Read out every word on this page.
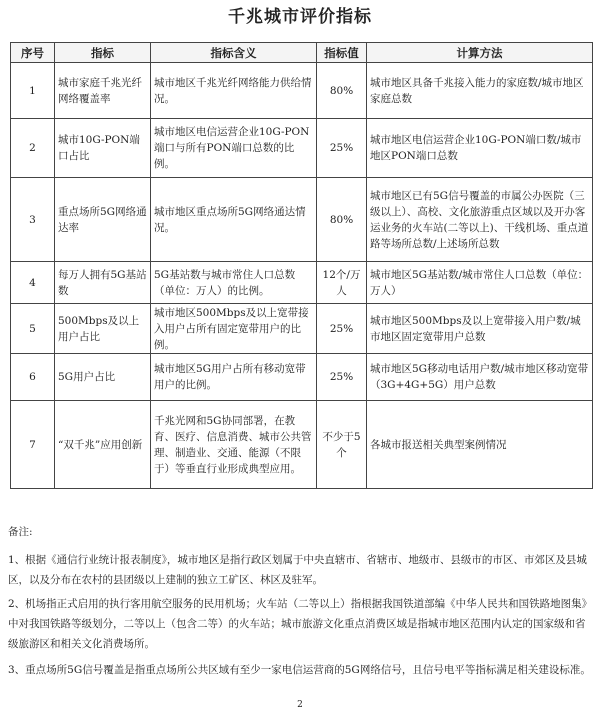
千兆城市评价指标
序号	指标	指标含义	指标值	计算方法
1	城市家庭千兆光纤网络覆盖率	城市地区千兆光纤网络能力供给情况。	80%	城市地区具备千兆接入能力的家庭数/城市地区家庭总数
2	城市10G-PON端口占比	城市地区电信运营企业10G-PON端口与所有PON端口总数的比例。	25%	城市地区电信运营企业10G-PON端口数/城市地区PON端口总数
3	重点场所5G网络通达率	城市地区重点场所5G网络通达情况。	80%	城市地区已有5G信号覆盖的市属公办医院（三级以上）、高校、文化旅游重点区域以及开办客运业务的火车站(二等以上)、干线机场、重点道路等场所总数/上述场所总数
4	每万人拥有5G基站数	5G基站数与城市常住人口总数（单位：万人）的比例。	12个/万人	城市地区5G基站数/城市常住人口总数（单位：万人）
5	500Mbps及以上用户占比	城市地区500Mbps及以上宽带接入用户占所有固定宽带用户的比例。	25%	城市地区500Mbps及以上宽带接入用户数/城市地区固定宽带用户总数
6	5G用户占比	城市地区5G用户占所有移动宽带用户的比例。	25%	城市地区5G移动电话用户数/城市地区移动宽带（3G+4G+5G）用户总数
7	“双千兆”应用创新	千兆光网和5G协同部署，在教育、医疗、信息消费、城市公共管理、制造业、交通、能源（不限于）等垂直行业形成典型应用。	不少于5个	各城市报送相关典型案例情况
备注:
1、根据《通信行业统计报表制度》，城市地区是指行政区划属于中央直辖市、省辖市、地级市、县级市的市区、市郊区及县城区，以及分布在农村的县团级以上建制的独立工矿区、林区及驻军。
2、机场指正式启用的执行客用航空服务的民用机场；火车站（二等以上）指根据我国铁道部编《中华人民共和国铁路地图集》中对我国铁路等级划分，二等以上（包含二等）的火车站；城市旅游文化重点消费区域是指城市地区范围内认定的国家级和省级旅游区和相关文化消费场所。
3、重点场所5G信号覆盖是指重点场所公共区域有至少一家电信运营商的5G网络信号，且信号电平等指标满足相关建设标准。
2
